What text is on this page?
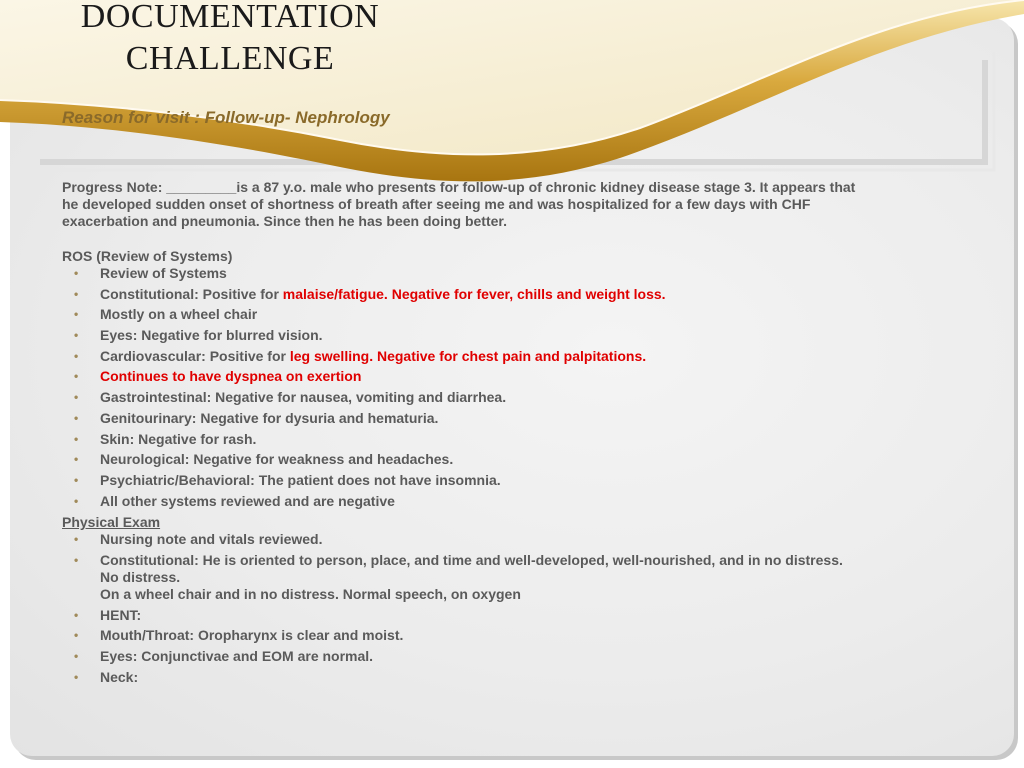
DOCUMENTATION
CHALLENGE

Reason for visit : Follow-up- Nephrology

Progress Note: _________is a 87 y.o. male who presents for follow-up of chronic kidney disease stage 3. It appears that
he developed sudden onset of shortness of breath after seeing me and was hospitalized for a few days with CHF
exacerbation and pneumonia. Since then he has been doing better.

ROS (Review of Systems)

• Review of Systems
• Constitutional: Positive for malaise/fatigue. Negative for fever, chills and weight loss.
• Mostly on a wheel chair
• Eyes: Negative for blurred vision.
• Cardiovascular: Positive for leg swelling. Negative for chest pain and palpitations.
• Continues to have dyspnea on exertion
• Gastrointestinal: Negative for nausea, vomiting and diarrhea.
• Genitourinary: Negative for dysuria and hematuria.
• Skin: Negative for rash.
• Neurological: Negative for weakness and headaches.
• Psychiatric/Behavioral: The patient does not have insomnia.
• All other systems reviewed and are negative

Physical Exam

• Nursing note and vitals reviewed.
• Constitutional: He is oriented to person, place, and time and well-developed, well-nourished, and in no distress.
No distress.
On a wheel chair and in no distress. Normal speech, on oxygen
• HENT:
• Mouth/Throat: Oropharynx is clear and moist.
• Eyes: Conjunctivae and EOM are normal.
• Neck:
